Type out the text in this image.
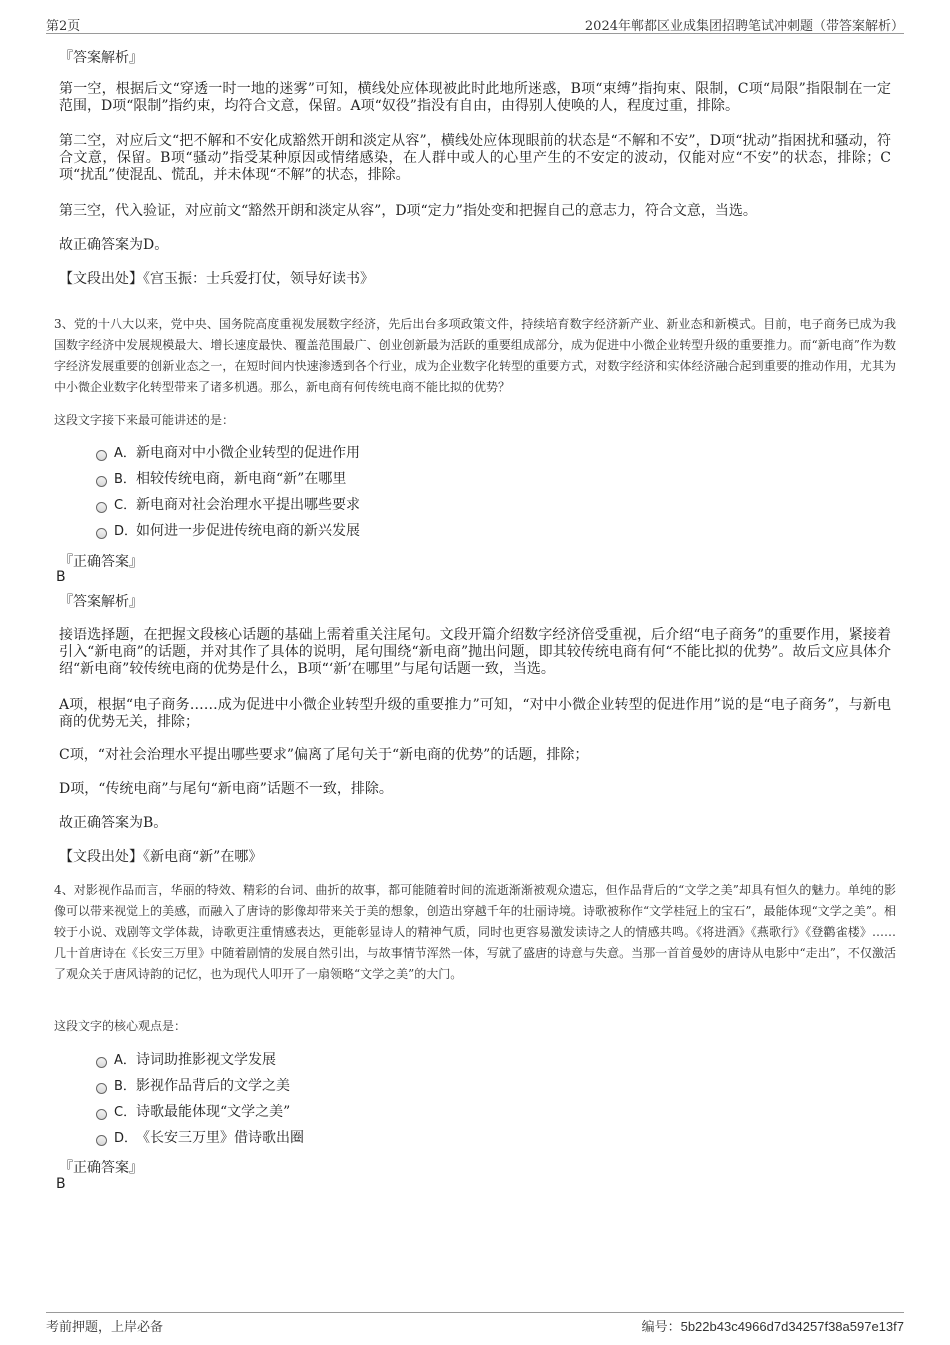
第2页	2024年郸都区业成集团招聘笔试冲刺题（带答案解析）
『答案解析』
第一空，根据后文“穿透一时一地的迷雾”可知，横线处应体现被此时此地所迷惑，B项“束缚”指拘束、限制，C项“局限”指限制在一定范围，D项“限制”指约束，均符合文意，保留。A项“奴役”指没有自由，由得别人使唤的人，程度过重，排除。
第二空，对应后文“把不解和不安化成豁然开朗和淡定从容”，横线处应体现眼前的状态是“不解和不安”，D项“扰动”指困扰和骚动，符合文意，保留。B项“骚动”指受某种原因或情绪感染，在人群中或人的心里产生的不安定的波动，仅能对应“不安”的状态，排除；C项“扰乱”使混乱、慌乱，并未体现“不解”的状态，排除。
第三空，代入验证，对应前文“豁然开朗和淡定从容”，D项“定力”指处变和把握自己的意志力，符合文意，当选。
故正确答案为D。
【文段出处】《宫玉振：士兵爱打仗，领导好读书》
3、党的十八大以来，党中央、国务院高度重视发展数字经济，先后出台多项政策文件，持续培育数字经济新产业、新业态和新模式。目前，电子商务已成为我国数字经济中发展规模最大、增长速度最快、覆盖范围最广、创业创新最为活跃的重要组成部分，成为促进中小微企业转型升级的重要推力。而“新电商”作为数字经济发展重要的创新业态之一，在短时间内快速渗透到各个行业，成为企业数字化转型的重要方式，对数字经济和实体经济融合起到重要的推动作用，尤其为中小微企业数字化转型带来了诸多机遇。那么，新电商有何传统电商不能比拟的优势？
这段文字接下来最可能讲述的是：
A．新电商对中小微企业转型的促进作用
B．相较传统电商，新电商“新”在哪里
C．新电商对社会治理水平提出哪些要求
D．如何进一步促进传统电商的新兴发展
『正确答案』
B
『答案解析』
接语选择题，在把握文段核心话题的基础上需着重关注尾句。文段开篇介绍数字经济倍受重视，后介绍“电子商务”的重要作用，紧接着引入“新电商”的话题，并对其作了具体的说明，尾句围绕“新电商”抛出问题，即其较传统电商有何“不能比拟的优势”。故后文应具体介绍“新电商”较传统电商的优势是什么，B项“‘新’在哪里”与尾句话题一致，当选。
A项，根据“电子商务……成为促进中小微企业转型升级的重要推力”可知，“对中小微企业转型的促进作用”说的是“电子商务”，与新电商的优势无关，排除；
C项，“对社会治理水平提出哪些要求”偏离了尾句关于“新电商的优势”的话题，排除；
D项，“传统电商”与尾句“新电商”话题不一致，排除。
故正确答案为B。
【文段出处】《新电商“新”在哪》
4、对影视作品而言，华丽的特效、精彩的台词、曲折的故事，都可能随着时间的流逝渐渐被观众遗忘，但作品背后的“文学之美”却具有恒久的魅力。单纯的影像可以带来视觉上的美感，而融入了唐诗的影像却带来关于美的想象，创造出穿越千年的壮丽诗境。诗歌被称作“文学桂冠上的宝石”，最能体现“文学之美”。相较于小说、戏剧等文学体裁，诗歌更注重情感表达，更能彰显诗人的精神气质，同时也更容易激发读诗之人的情感共鸣。《将进酒》《燕歌行》《登鹳雀楼》……几十首唐诗在《长安三万里》中随着剧情的发展自然引出，与故事情节浑然一体，写就了盛唐的诗意与失意。当那一首首曼妙的唐诗从电影中“走出”，不仅激活了观众关于唐风诗韵的记忆，也为现代人叩开了一扇领略“文学之美”的大门。
这段文字的核心观点是：
A．诗词助推影视文学发展
B．影视作品背后的文学之美
C．诗歌最能体现“文学之美”
D．《长安三万里》借诗歌出圈
『正确答案』
B
考前押题，上岸必备	编号：5b22b43c4966d7d34257f38a597e13f7
